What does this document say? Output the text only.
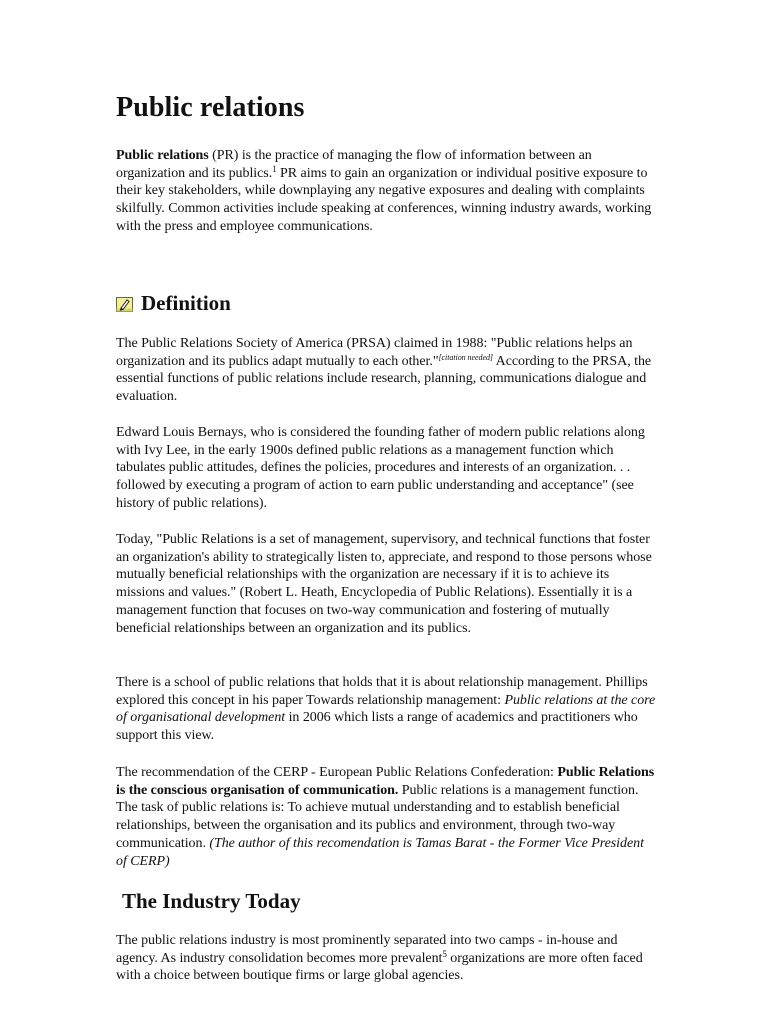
Public relations

Public relations (PR) is the practice of managing the flow of information between an organization and its publics.$^1$ PR aims to gain an organization or individual positive exposure to their key stakeholders, while downplaying any negative exposures and dealing with complaints skilfully. Common activities include speaking at conferences, winning industry awards, working with the press and employee communications.

Definition

The Public Relations Society of America (PRSA) claimed in 1988: "Public relations helps an organization and its publics adapt mutually to each other."[citation needed] According to the PRSA, the essential functions of public relations include research, planning, communications dialogue and evaluation.

Edward Louis Bernays, who is considered the founding father of modern public relations along with Ivy Lee, in the early 1900s defined public relations as a management function which tabulates public attitudes, defines the policies, procedures and interests of an organization. . . followed by executing a program of action to earn public understanding and acceptance" (see history of public relations).

Today, "Public Relations is a set of management, supervisory, and technical functions that foster an organization's ability to strategically listen to, appreciate, and respond to those persons whose mutually beneficial relationships with the organization are necessary if it is to achieve its missions and values." (Robert L. Heath, Encyclopedia of Public Relations). Essentially it is a management function that focuses on two-way communication and fostering of mutually beneficial relationships between an organization and its publics.

There is a school of public relations that holds that it is about relationship management. Phillips explored this concept in his paper Towards relationship management: Public relations at the core of organisational development in 2006 which lists a range of academics and practitioners who support this view.

The recommendation of the CERP - European Public Relations Confederation: Public Relations is the conscious organisation of communication. Public relations is a management function. The task of public relations is: To achieve mutual understanding and to establish beneficial relationships, between the organisation and its publics and environment, through two-way communication. (The author of this recomendation is Tamas Barat - the Former Vice President of CERP)

The Industry Today

The public relations industry is most prominently separated into two camps - in-house and agency. As industry consolidation becomes more prevalent$^5$ organizations are more often faced with a choice between boutique firms or large global agencies.
